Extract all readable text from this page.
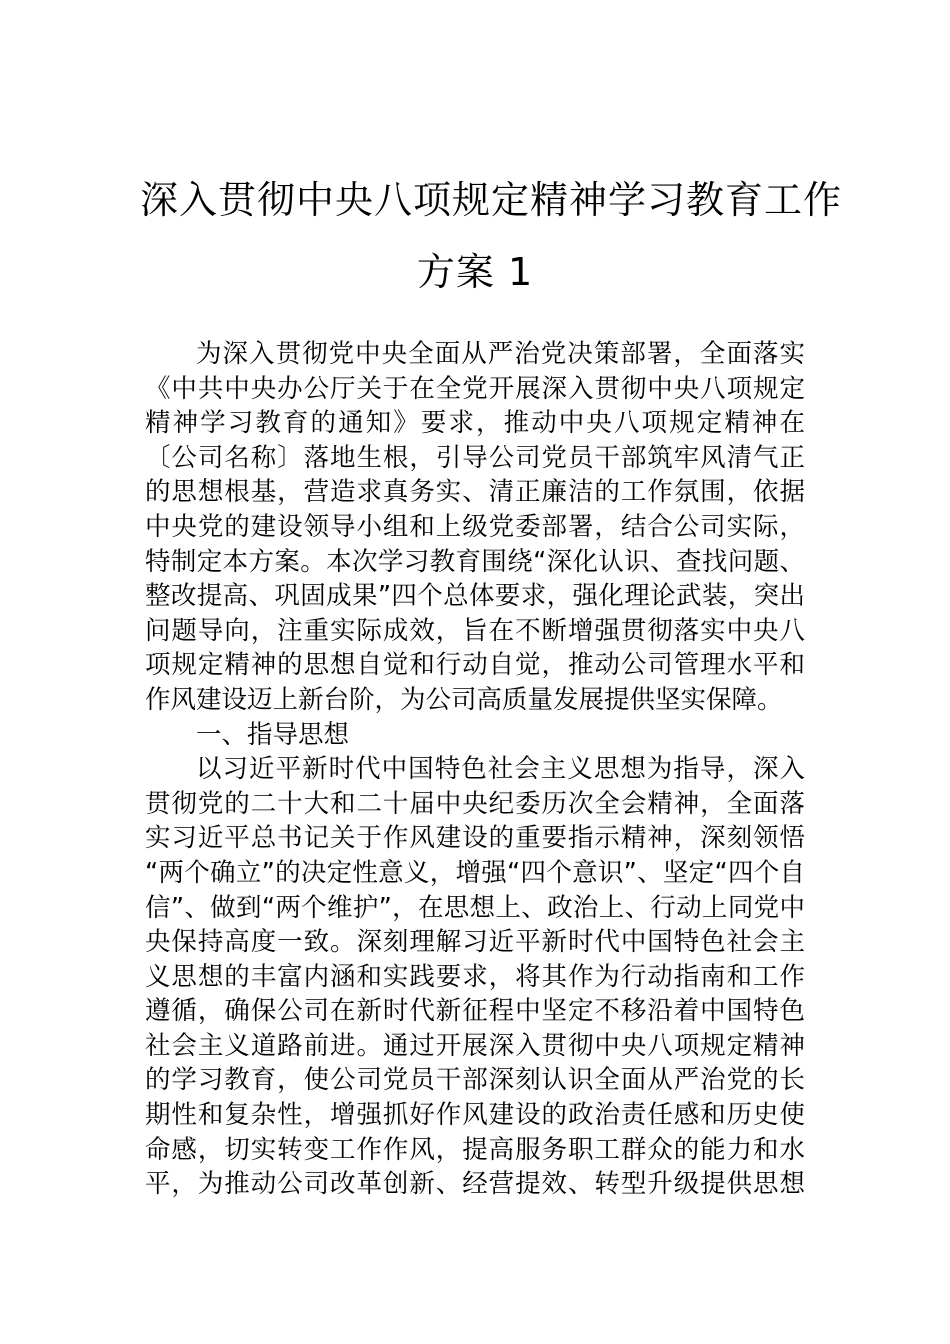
深入贯彻中央八项规定精神学习教育工作
方案 1
为深入贯彻党中央全面从严治党决策部署，全面落实
《中共中央办公厅关于在全党开展深入贯彻中央八项规定
精神学习教育的通知》要求，推动中央八项规定精神在
〔公司名称〕落地生根，引导公司党员干部筑牢风清气正
的思想根基，营造求真务实、清正廉洁的工作氛围，依据
中央党的建设领导小组和上级党委部署，结合公司实际，
特制定本方案。本次学习教育围绕“深化认识、查找问题、
整改提高、巩固成果”四个总体要求，强化理论武装，突出
问题导向，注重实际成效，旨在不断增强贯彻落实中央八
项规定精神的思想自觉和行动自觉，推动公司管理水平和
作风建设迈上新台阶，为公司高质量发展提供坚实保障。
一、指导思想
以习近平新时代中国特色社会主义思想为指导，深入
贯彻党的二十大和二十届中央纪委历次全会精神，全面落
实习近平总书记关于作风建设的重要指示精神，深刻领悟
“两个确立”的决定性意义，增强“四个意识”、坚定“四个自
信”、做到“两个维护”，在思想上、政治上、行动上同党中
央保持高度一致。深刻理解习近平新时代中国特色社会主
义思想的丰富内涵和实践要求，将其作为行动指南和工作
遵循，确保公司在新时代新征程中坚定不移沿着中国特色
社会主义道路前进。通过开展深入贯彻中央八项规定精神
的学习教育，使公司党员干部深刻认识全面从严治党的长
期性和复杂性，增强抓好作风建设的政治责任感和历史使
命感，切实转变工作作风，提高服务职工群众的能力和水
平，为推动公司改革创新、经营提效、转型升级提供思想
